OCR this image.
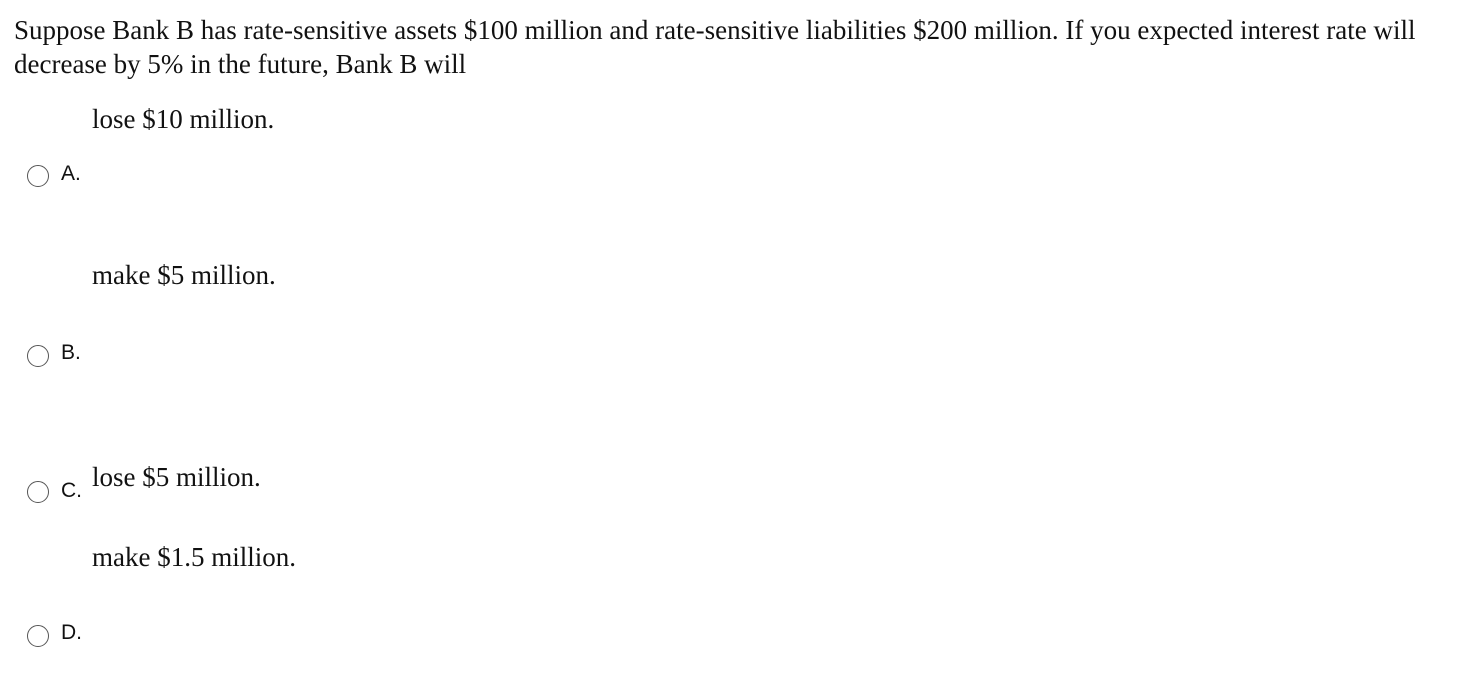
Suppose Bank B has rate-sensitive assets $100 million and rate-sensitive liabilities $200 million. If you expected interest rate will decrease by 5% in the future, Bank B will

lose $10 million.
A.
make $5 million.
B.
lose $5 million.
C.
make $1.5 million.
D.
